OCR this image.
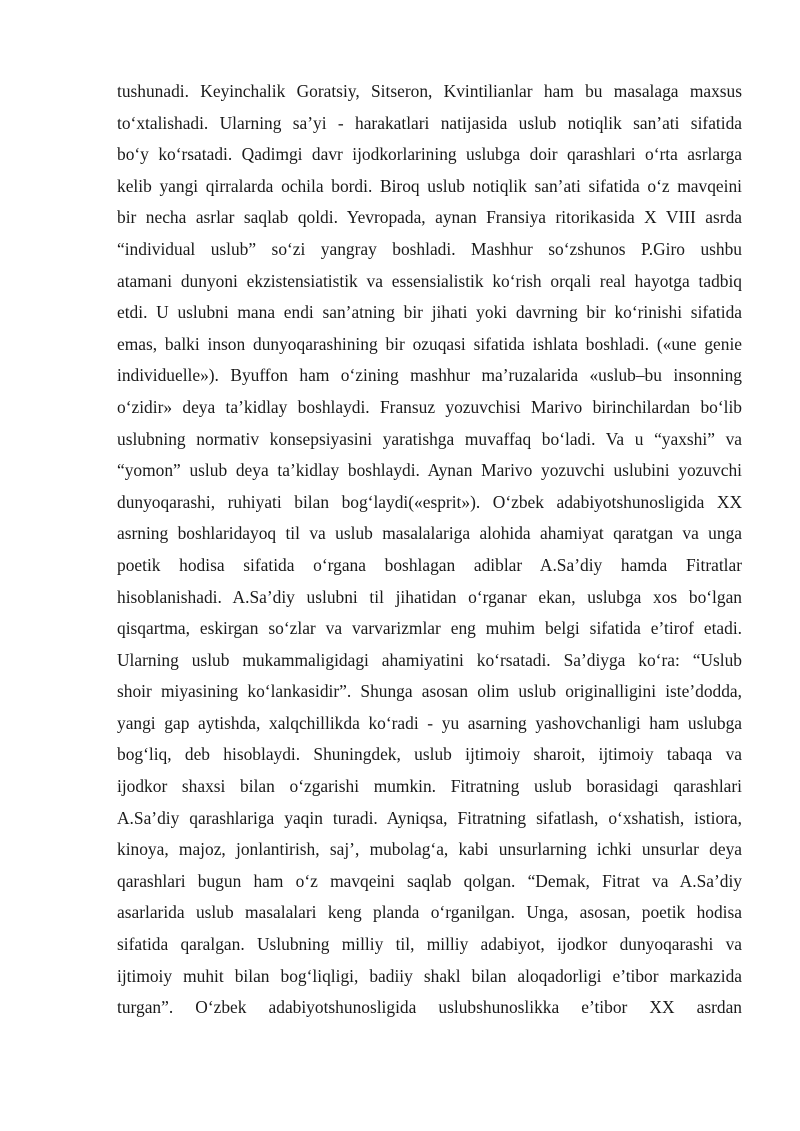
tushunadi. Keyinchalik Goratsiy, Sitseron, Kvintilianlar ham bu masalaga maxsus
to‘xtalishadi. Ularning sa’yi - harakatlari natijasida uslub notiqlik san’ati sifatida
bo‘y ko‘rsatadi. Qadimgi davr ijodkorlarining uslubga doir qarashlari o‘rta asrlarga
kelib yangi qirralarda ochila bordi. Biroq uslub notiqlik san’ati sifatida o‘z mavqeini
bir necha asrlar saqlab qoldi. Yevropada, aynan Fransiya ritorikasida X VIII asrda
“individual uslub” so‘zi yangray boshladi. Mashhur so‘zshunos P.Giro ushbu
atamani dunyoni ekzistensiatistik va essensialistik ko‘rish orqali real hayotga tadbiq
etdi. U uslubni mana endi san’atning bir jihati yoki davrning bir ko‘rinishi sifatida
emas, balki inson dunyoqarashining bir ozuqasi sifatida ishlata boshladi. («une genie
individuelle»). Byuffon ham o‘zining mashhur ma’ruzalarida «uslub–bu insonning
o‘zidir» deya ta’kidlay boshlaydi. Fransuz yozuvchisi Marivo birinchilardan bo‘lib
uslubning normativ konsepsiyasini yaratishga muvaffaq bo‘ladi. Va u “yaxshi” va
“yomon” uslub deya ta’kidlay boshlaydi. Aynan Marivo yozuvchi uslubini yozuvchi
dunyoqarashi, ruhiyati bilan bog‘laydi(«esprit»). O‘zbek adabiyotshunosligida XX
asrning boshlaridayoq til va uslub masalalariga alohida ahamiyat qaratgan va unga
poetik hodisa sifatida o‘rgana boshlagan adiblar A.Sa’diy hamda Fitratlar
hisoblanishadi. A.Sa’diy uslubni til jihatidan o‘rganar ekan, uslubga xos bo‘lgan
qisqartma, eskirgan so‘zlar va varvarizmlar eng muhim belgi sifatida e’tirof etadi.
Ularning uslub mukammaligidagi ahamiyatini ko‘rsatadi. Sa’diyga ko‘ra: “Uslub
shoir miyasining ko‘lankasidir”. Shunga asosan olim uslub originalligini iste’dodda,
yangi gap aytishda, xalqchillikda ko‘radi - yu asarning yashovchanligi ham uslubga
bog‘liq, deb hisoblaydi. Shuningdek, uslub ijtimoiy sharoit, ijtimoiy tabaqa va
ijodkor shaxsi bilan o‘zgarishi mumkin. Fitratning uslub borasidagi qarashlari
A.Sa’diy qarashlariga yaqin turadi. Ayniqsa, Fitratning sifatlash, o‘xshatish, istiora,
kinoya, majoz, jonlantirish, saj’, mubolag‘a, kabi unsurlarning ichki unsurlar deya
qarashlari bugun ham o‘z mavqeini saqlab qolgan. “Demak, Fitrat va A.Sa’diy
asarlarida uslub masalalari keng planda o‘rganilgan. Unga, asosan, poetik hodisa
sifatida qaralgan. Uslubning milliy til, milliy adabiyot, ijodkor dunyoqarashi va
ijtimoiy muhit bilan bog‘liqligi, badiiy shakl bilan aloqadorligi e’tibor markazida
turgan”. O‘zbek adabiyotshunosligida uslubshunoslikka e’tibor XX asrdan
